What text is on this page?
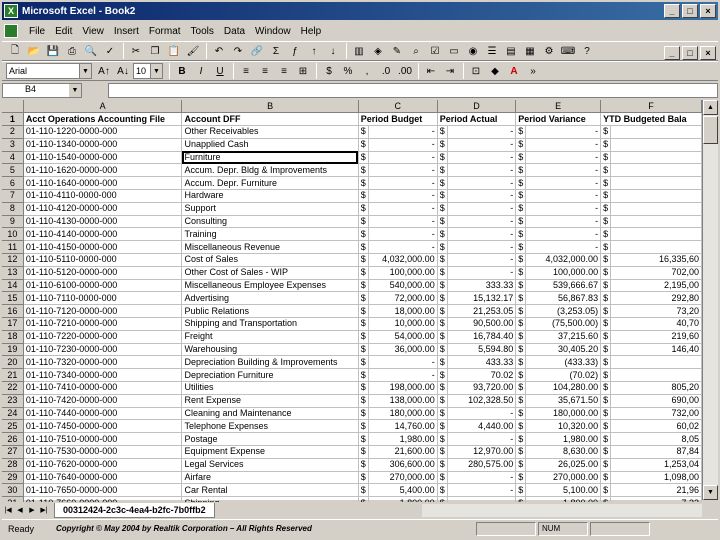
X Microsoft Excel - Book2	_	□	×
File	Edit	View	Insert	Format	Tools	Data	Window	Help
_	□	×
🗋 📂 💾 ⎙ 🔍 ✓	✂	❐ 📋 🖌	↶	↷ 🔗 Σ	ƒ	↑	↓	▥	◈	✎	⌕	☑ ▭ ◉	☰ ▤ ▦ ⚙ ⌨ ?
Arial	▼ A↑ A↓ 10	▼	B	I	U	≡	≡	≡	⊞	$	%	,	.0 .00	⇤	⇥	⊡	◆	A	»
B4	▼
	A	B	C		D		E		F	
1	Acct Operations Accounting File	Account DFF	Period Budget		Period Actual		Period Variance		YTD Budgeted Bala	
2	01-110-1220-0000-000	Other Receivables	$	-	$	-	$	-	$	
3	01-110-1340-0000-000	Unapplied Cash	$	-	$	-	$	-	$	
4	01-110-1540-0000-000	Furniture	$	-	$	-	$	-	$	
5	01-110-1620-0000-000	Accum. Depr. Bldg & Improvements	$	-	$	-	$	-	$	
6	01-110-1640-0000-000	Accum. Depr. Furniture	$	-	$	-	$	-	$	
7	01-110-4110-0000-000	Hardware	$	-	$	-	$	-	$	
8	01-110-4120-0000-000	Support	$	-	$	-	$	-	$	
9	01-110-4130-0000-000	Consulting	$	-	$	-	$	-	$	
10	01-110-4140-0000-000	Training	$	-	$	-	$	-	$	
11	01-110-4150-0000-000	Miscellaneous Revenue	$	-	$	-	$	-	$	
12	01-110-5110-0000-000	Cost of Sales	$	4,032,000.00	$	-	$	4,032,000.00	$	16,335,60
13	01-110-5120-0000-000	Other Cost of Sales - WIP	$	100,000.00	$	-	$	100,000.00	$	702,00
14	01-110-6100-0000-000	Miscellaneous Employee Expenses	$	540,000.00	$	333.33	$	539,666.67	$	2,195,00
15	01-110-7110-0000-000	Advertising	$	72,000.00	$	15,132.17	$	56,867.83	$	292,80
16	01-110-7120-0000-000	Public Relations	$	18,000.00	$	21,253.05	$	(3,253.05)	$	73,20
17	01-110-7210-0000-000	Shipping and Transportation	$	10,000.00	$	90,500.00	$	(75,500.00)	$	40,70
18	01-110-7220-0000-000	Freight	$	54,000.00	$	16,784.40	$	37,215.60	$	219,60
19	01-110-7230-0000-000	Warehousing	$	36,000.00	$	5,594.80	$	30,405.20	$	146,40
20	01-110-7320-0000-000	Depreciation Building & Improvements	$	-	$	433.33	$	(433.33)	$	
21	01-110-7340-0000-000	Depreciation Furniture	$	-	$	70.02	$	(70.02)	$	
22	01-110-7410-0000-000	Utilities	$	198,000.00	$	93,720.00	$	104,280.00	$	805,20
23	01-110-7420-0000-000	Rent Expense	$	138,000.00	$	102,328.50	$	35,671.50	$	690,00
24	01-110-7440-0000-000	Cleaning and Maintenance	$	180,000.00	$	-	$	180,000.00	$	732,00
25	01-110-7450-0000-000	Telephone Expenses	$	14,760.00	$	4,440.00	$	10,320.00	$	60,02
26	01-110-7510-0000-000	Postage	$	1,980.00	$	-	$	1,980.00	$	8,05
27	01-110-7530-0000-000	Equipment Expense	$	21,600.00	$	12,970.00	$	8,630.00	$	87,84
28	01-110-7620-0000-000	Legal Services	$	306,600.00	$	280,575.00	$	26,025.00	$	1,253,04
29	01-110-7640-0000-000	Airfare	$	270,000.00	$	-	$	270,000.00	$	1,098,00
30	01-110-7650-0000-000	Car Rental	$	5,400.00	$	-	$	5,100.00	$	21,96

▲
▼
|◀ ◀ ▶ ▶|	00312424-2c3c-4ea4-b2fc-7b0ffb2
Ready	Copyright © May 2004 by Realtik Corporation – All Rights Reserved	NUM
